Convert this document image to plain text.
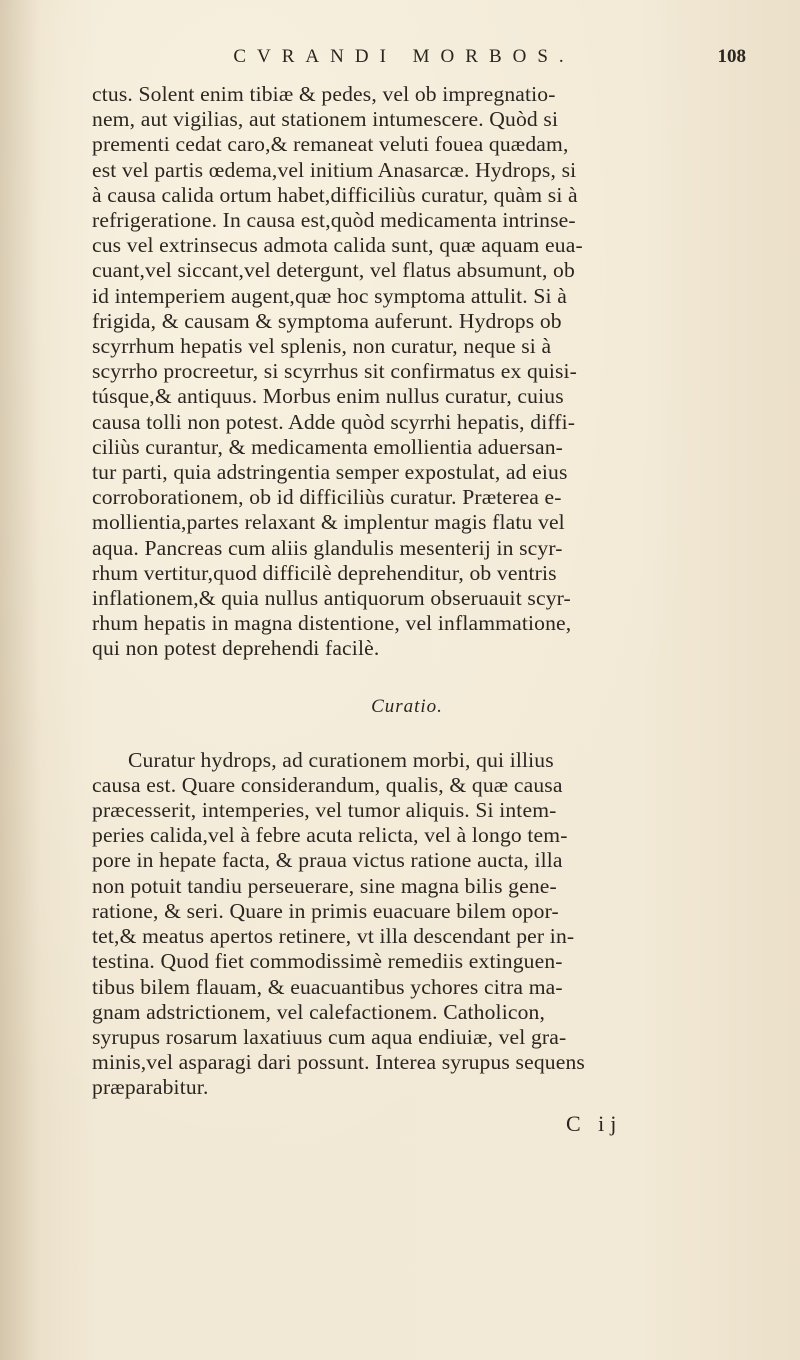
CVRANDI MORBOS.	108

ctus. Solent enim tibiæ & pedes, vel ob impregnatio-
nem, aut vigilias, aut stationem intumescere. Quòd si
prementi cedat caro,& remaneat veluti fouea quædam,
est vel partis œdema,vel initium Anasarcæ. Hydrops, si
à causa calida ortum habet,difficiliùs curatur, quàm si à
refrigeratione. In causa est,quòd medicamenta intrinse-
cus vel extrinsecus admota calida sunt, quæ aquam eua-
cuant,vel siccant,vel detergunt, vel flatus absumunt, ob
id intemperiem augent,quæ hoc symptoma attulit. Si à
frigida, & causam & symptoma auferunt. Hydrops ob
scyrrhum hepatis vel splenis, non curatur, neque si à
scyrrho procreetur, si scyrrhus sit confirmatus ex quisi-
túsque,& antiquus. Morbus enim nullus curatur, cuius
causa tolli non potest. Adde quòd scyrrhi hepatis, diffi-
ciliùs curantur, & medicamenta emollientia aduersan-
tur parti, quia adstringentia semper expostulat, ad eius
corroborationem, ob id difficiliùs curatur. Præterea e-
mollientia,partes relaxant & implentur magis flatu vel
aqua. Pancreas cum aliis glandulis mesenterij in scyr-
rhum vertitur,quod difficilè deprehenditur, ob ventris
inflationem,& quia nullus antiquorum obseruauit scyr-
rhum hepatis in magna distentione, vel inflammatione,
qui non potest deprehendi facilè.

Curatio.

Curatur hydrops, ad curationem morbi, qui illius
causa est. Quare considerandum, qualis, & quæ causa
præcesserit, intemperies, vel tumor aliquis. Si intem-
peries calida,vel à febre acuta relicta, vel à longo tem-
pore in hepate facta, & praua victus ratione aucta, illa
non potuit tandiu perseuerare, sine magna bilis gene-
ratione, & seri. Quare in primis euacuare bilem opor-
tet,& meatus apertos retinere, vt illa descendant per in-
testina. Quod fiet commodissimè remediis extinguen-
tibus bilem flauam, & euacuantibus ychores citra ma-
gnam adstrictionem, vel calefactionem. Catholicon,
syrupus rosarum laxatiuus cum aqua endiuiæ, vel gra-
minis,vel asparagi dari possunt. Interea syrupus sequens
præparabitur.

C ij
